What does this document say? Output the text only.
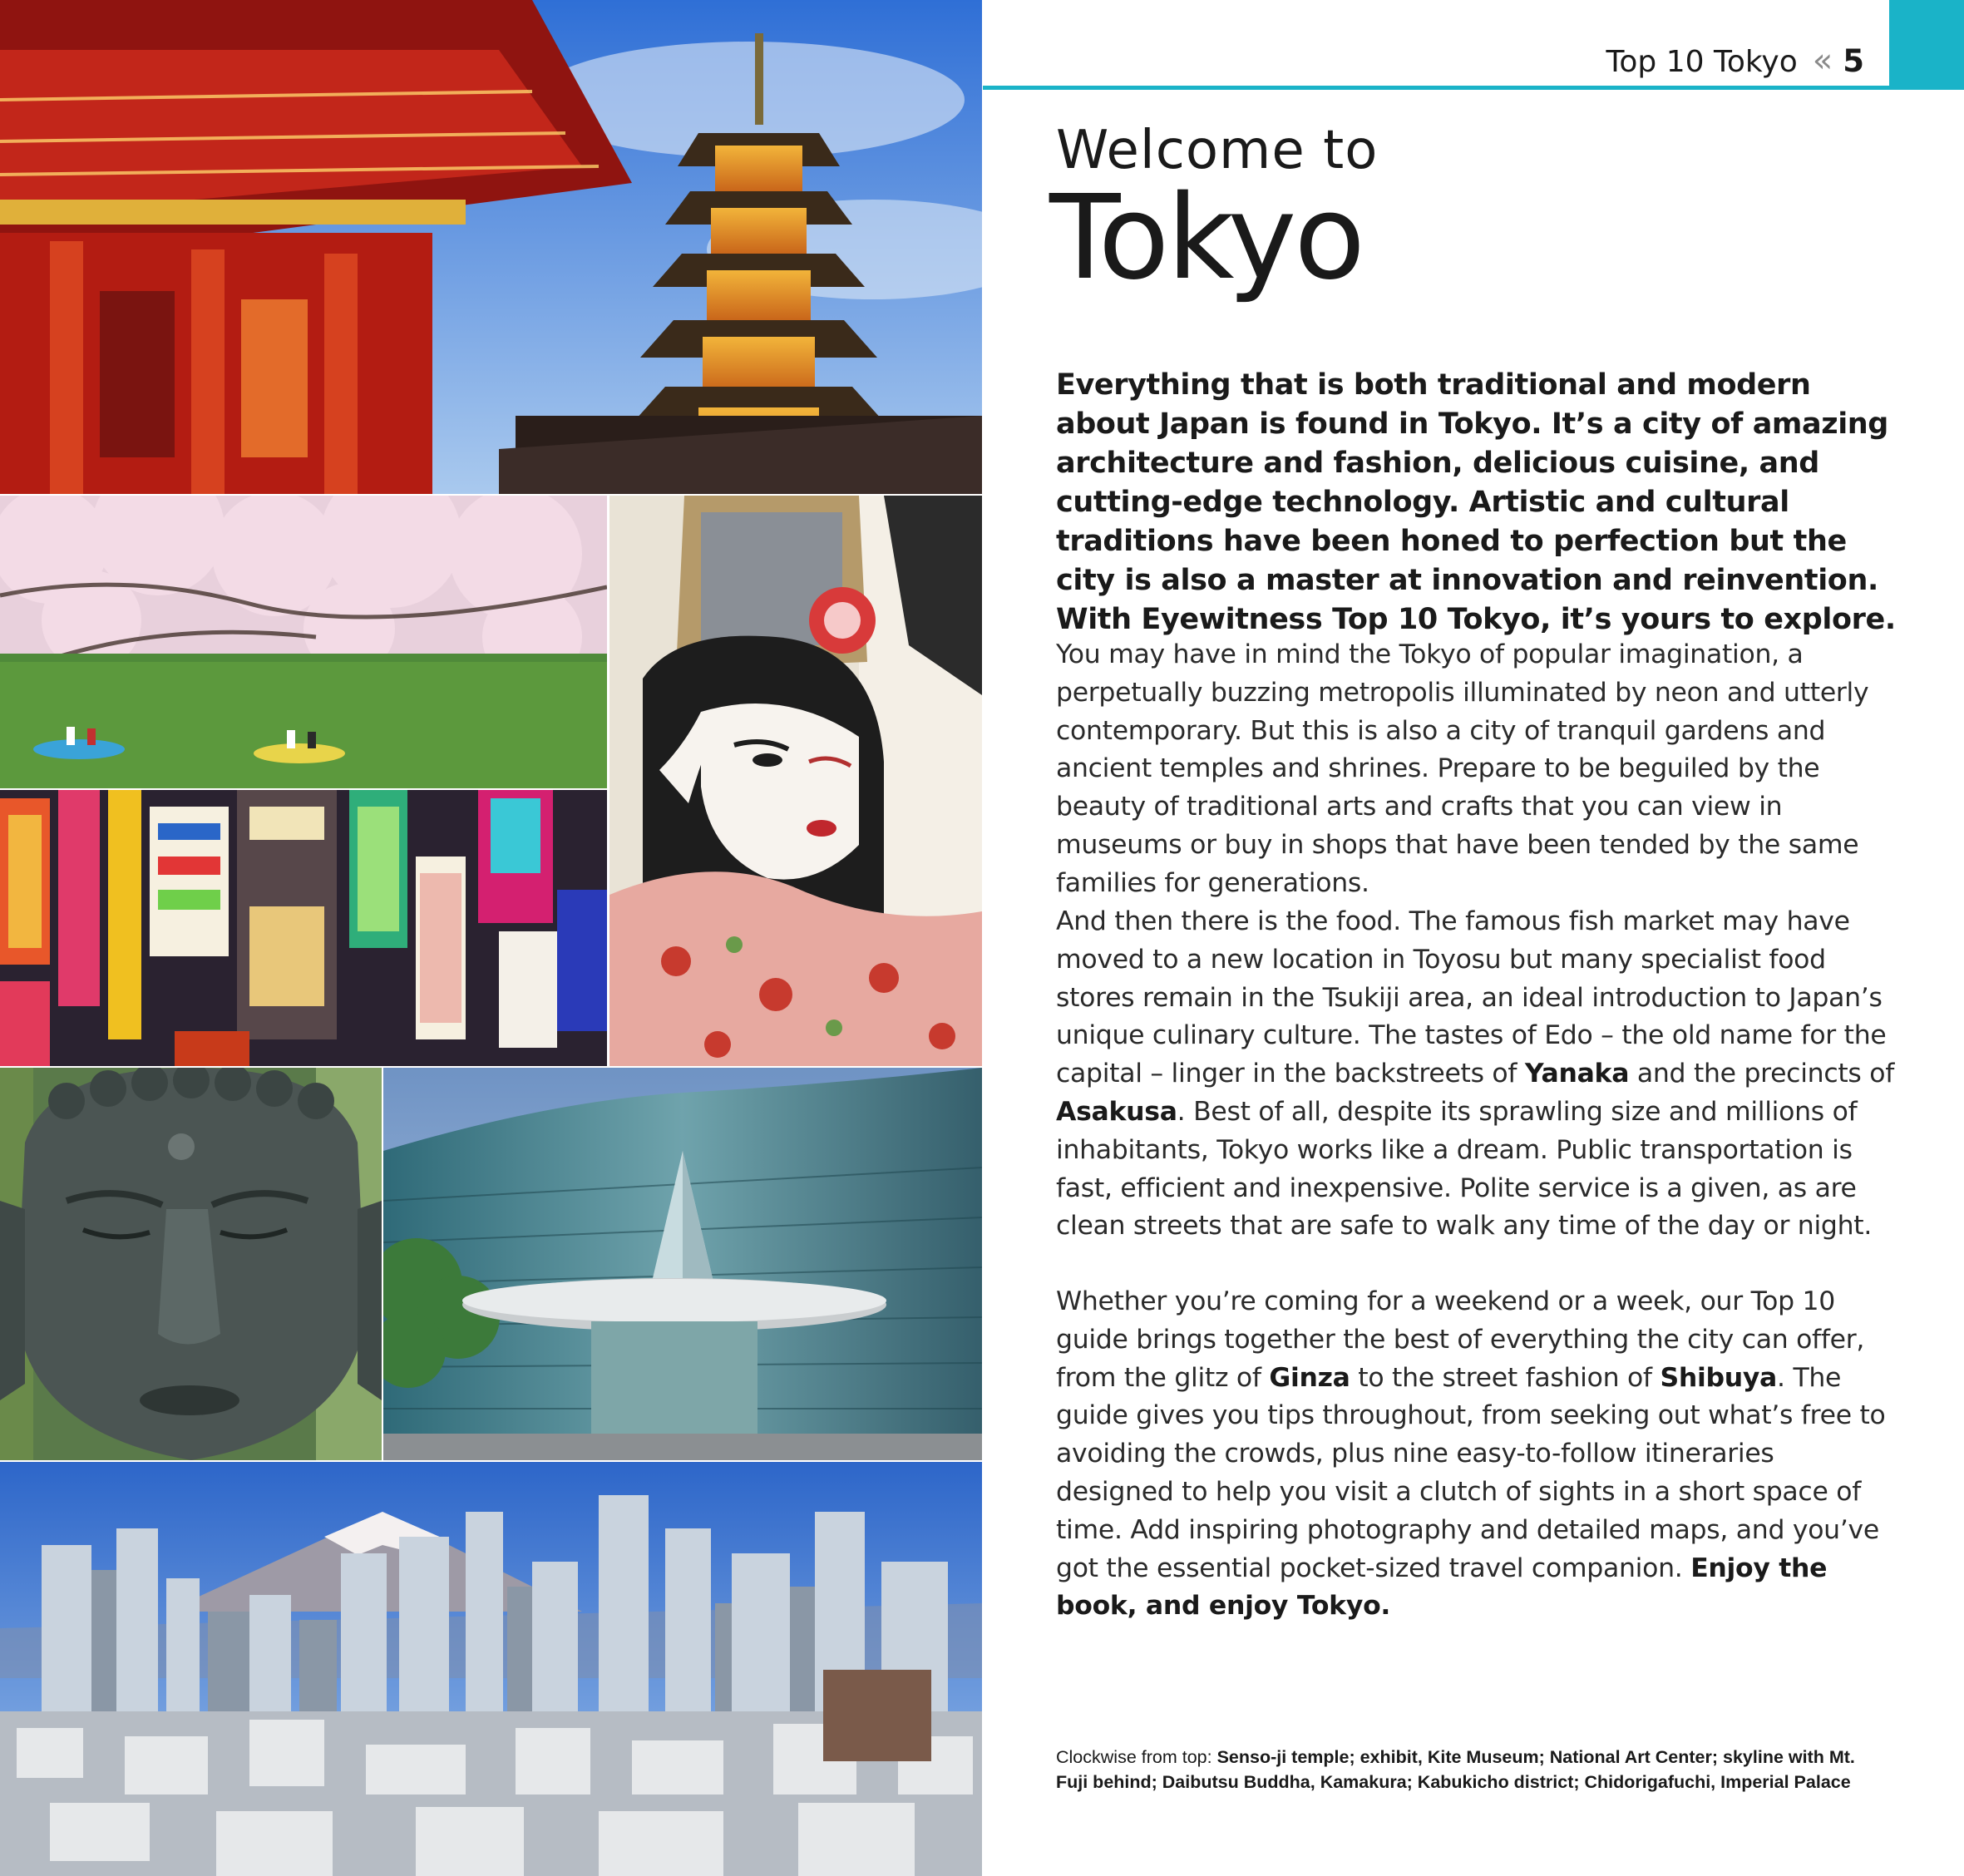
Top 10 Tokyo « 5
Welcome to
Tokyo

Everything that is both traditional and modern about Japan is found in Tokyo. It’s a city of amazing architecture and fashion, delicious cuisine, and cutting-edge technology. Artistic and cultural traditions have been honed to perfection but the city is also a master at innovation and reinvention. With Eyewitness Top 10 Tokyo, it’s yours to explore.

You may have in mind the Tokyo of popular imagination, a perpetually buzzing metropolis illuminated by neon and utterly contemporary. But this is also a city of tranquil gardens and ancient temples and shrines. Prepare to be beguiled by the beauty of traditional arts and crafts that you can view in museums or buy in shops that have been tended by the same families for generations.

And then there is the food. The famous fish market may have moved to a new location in Toyosu but many specialist food stores remain in the Tsukiji area, an ideal introduction to Japan’s unique culinary culture. The tastes of Edo – the old name for the capital – linger in the backstreets of Yanaka and the precincts of Asakusa. Best of all, despite its sprawling size and millions of inhabitants, Tokyo works like a dream. Public transportation is fast, efficient and inexpensive. Polite service is a given, as are clean streets that are safe to walk any time of the day or night.

Whether you’re coming for a weekend or a week, our Top 10 guide brings together the best of everything the city can offer, from the glitz of Ginza to the street fashion of Shibuya. The guide gives you tips throughout, from seeking out what’s free to avoiding the crowds, plus nine easy-to-follow itineraries designed to help you visit a clutch of sights in a short space of time. Add inspiring photography and detailed maps, and you’ve got the essential pocket-sized travel companion. Enjoy the book, and enjoy Tokyo.

Clockwise from top: Senso-ji temple; exhibit, Kite Museum; National Art Center; skyline with Mt. Fuji behind; Daibutsu Buddha, Kamakura; Kabukicho district; Chidorigafuchi, Imperial Palace
